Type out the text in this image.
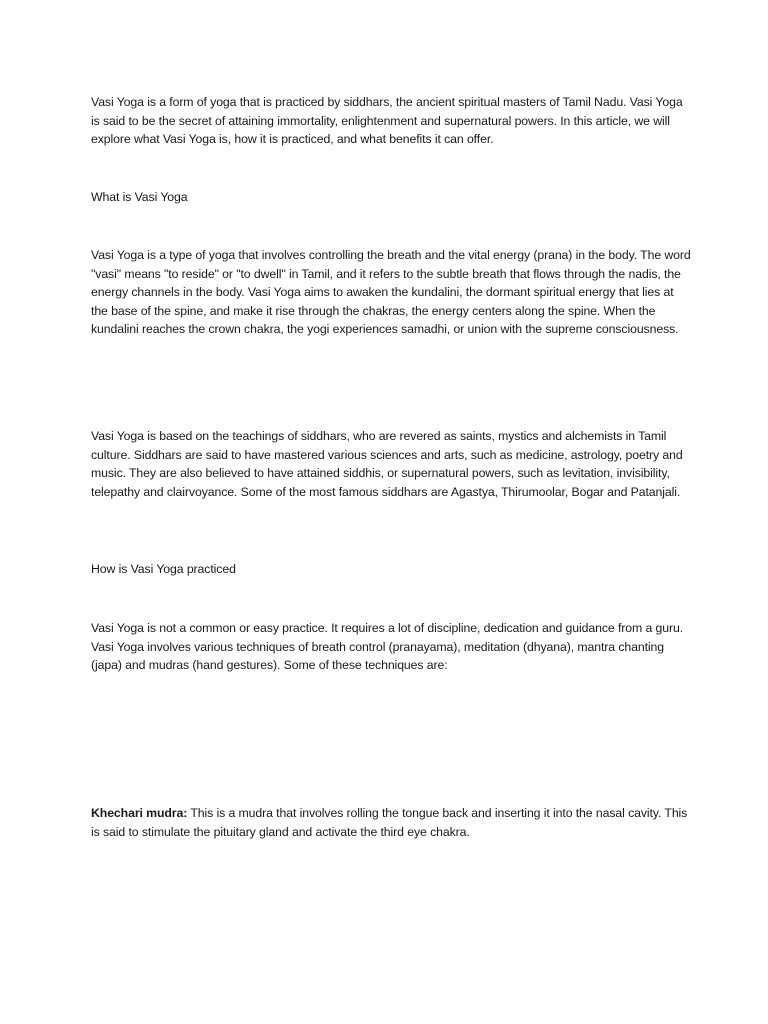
Vasi Yoga is a form of yoga that is practiced by siddhars, the ancient spiritual masters of Tamil Nadu. Vasi Yoga is said to be the secret of attaining immortality, enlightenment and supernatural powers. In this article, we will explore what Vasi Yoga is, how it is practiced, and what benefits it can offer.

What is Vasi Yoga

Vasi Yoga is a type of yoga that involves controlling the breath and the vital energy (prana) in the body. The word "vasi" means "to reside" or "to dwell" in Tamil, and it refers to the subtle breath that flows through the nadis, the energy channels in the body. Vasi Yoga aims to awaken the kundalini, the dormant spiritual energy that lies at the base of the spine, and make it rise through the chakras, the energy centers along the spine. When the kundalini reaches the crown chakra, the yogi experiences samadhi, or union with the supreme consciousness.

Vasi Yoga is based on the teachings of siddhars, who are revered as saints, mystics and alchemists in Tamil culture. Siddhars are said to have mastered various sciences and arts, such as medicine, astrology, poetry and music. They are also believed to have attained siddhis, or supernatural powers, such as levitation, invisibility, telepathy and clairvoyance. Some of the most famous siddhars are Agastya, Thirumoolar, Bogar and Patanjali.

How is Vasi Yoga practiced

Vasi Yoga is not a common or easy practice. It requires a lot of discipline, dedication and guidance from a guru. Vasi Yoga involves various techniques of breath control (pranayama), meditation (dhyana), mantra chanting (japa) and mudras (hand gestures). Some of these techniques are:

Khechari mudra: This is a mudra that involves rolling the tongue back and inserting it into the nasal cavity. This is said to stimulate the pituitary gland and activate the third eye chakra.
